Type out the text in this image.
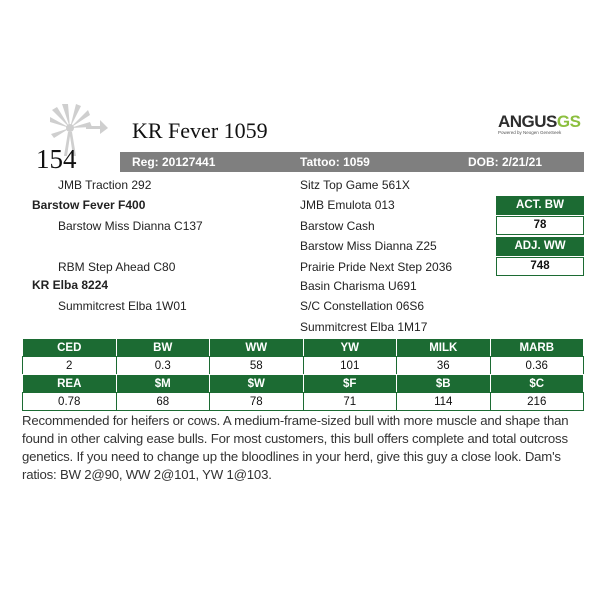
154
KR Fever 1059	ANGUSGS
Powered by Neogen GeneSeek
Reg: 20127441	Tattoo: 1059	DOB: 2/21/21
JMB Traction 292
Barstow Fever F400
Barstow Miss Dianna C137
RBM Step Ahead C80
KR Elba 8224
Summitcrest Elba 1W01
Sitz Top Game 561X
JMB Emulota 013
Barstow Cash
Barstow Miss Dianna Z25
Prairie Pride Next Step 2036
Basin Charisma U691
S/C Constellation 06S6
Summitcrest Elba 1M17
ACT. BW
78
ADJ. WW
748
CED	BW	WW	YW	MILK	MARB
2	0.3	58	101	36	0.36
REA	$M	$W	$F	$B	$C
0.78	68	78	71	114	216
Recommended for heifers or cows. A medium-frame-sized bull with more muscle and shape than found in other calving ease bulls. For most customers, this bull offers complete and total outcross genetics. If you need to change up the bloodlines in your herd, give this guy a close look. Dam's ratios: BW 2@90, WW 2@101, YW 1@103.
